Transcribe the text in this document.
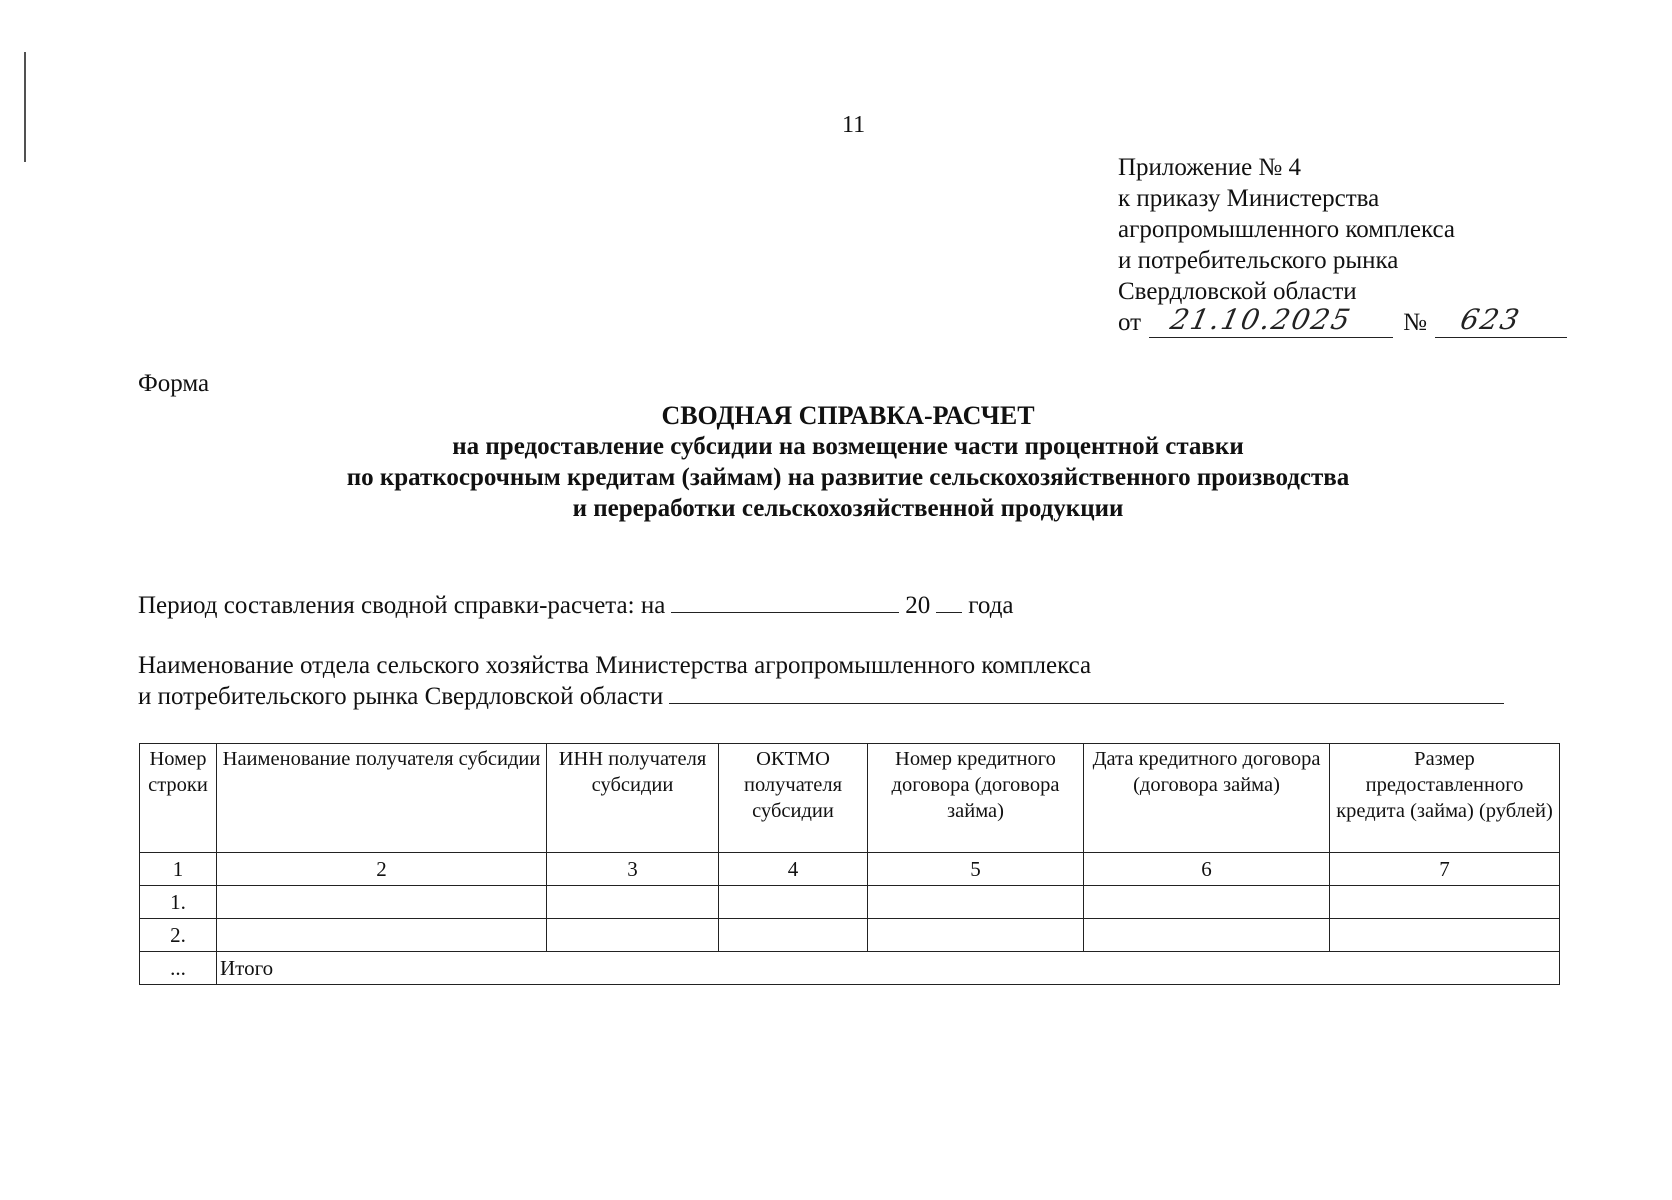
11
Приложение № 4
к приказу Министерства
агропромышленного комплекса
и потребительского рынка
Свердловской области
от 21.10.2025 № 623
Форма
СВОДНАЯ СПРАВКА-РАСЧЕТ
на предоставление субсидии на возмещение части процентной ставки
по краткосрочным кредитам (займам) на развитие сельскохозяйственного производства
и переработки сельскохозяйственной продукции
Период составления сводной справки-расчета: на	20 года
Наименование отдела сельского хозяйства Министерства агропромышленного комплекса
и потребительского рынка Свердловской области
Номер строки	Наименование получателя субсидии	ИНН получателя субсидии	ОКТМО получателя субсидии	Номер кредитного договора (договора займа)	Дата кредитного договора (договора займа)	Размер предоставленного кредита (займа) (рублей)
1	2	3	4	5	6	7
1.						
2.						
...	Итого					
